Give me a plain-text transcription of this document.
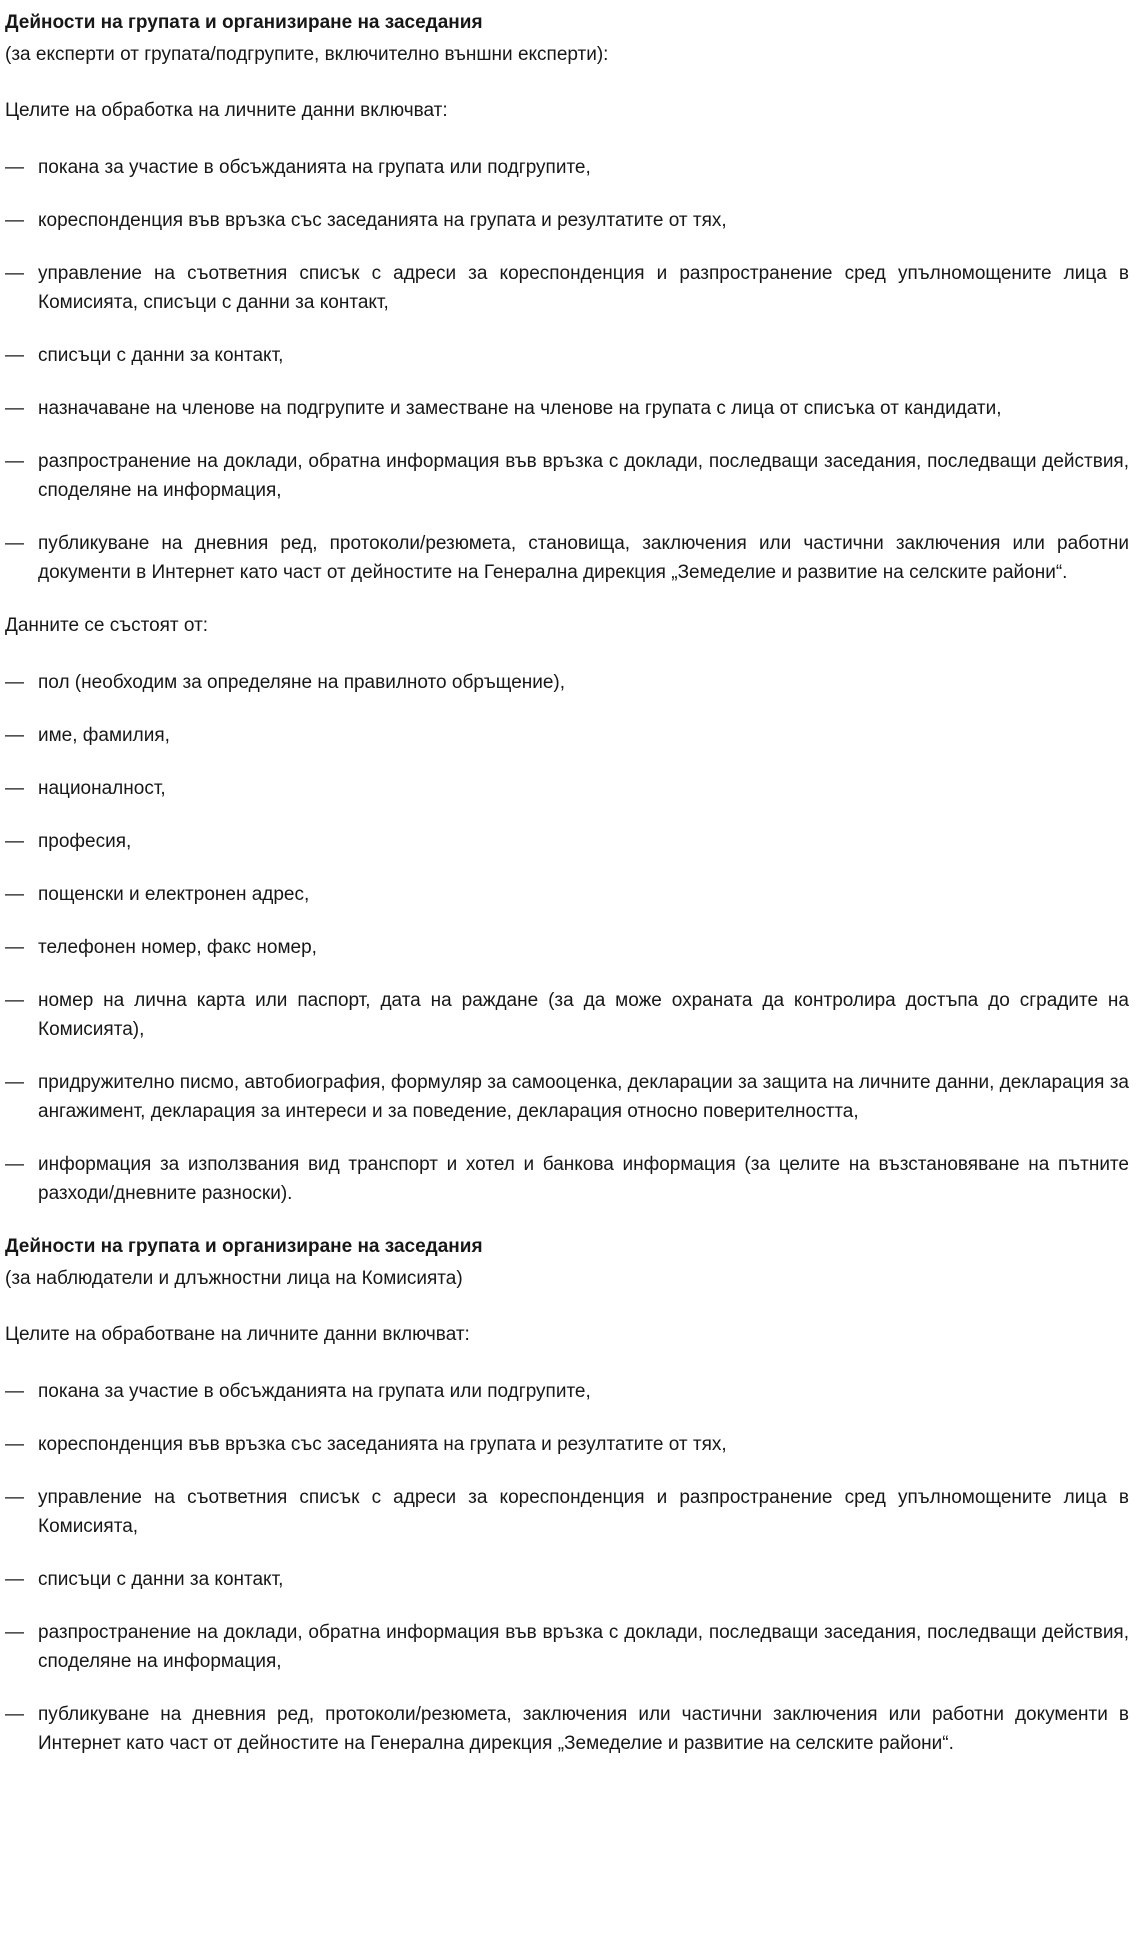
Дейности на групата и организиране на заседания

(за експерти от групата/подгрупите, включително външни експерти):

Целите на обработка на личните данни включват:

— покана за участие в обсъжданията на групата или подгрупите,
— кореспонденция във връзка със заседанията на групата и резултатите от тях,
— управление на съответния списък с адреси за кореспонденция и разпространение сред упълномощените лица в Комисията, списъци с данни за контакт,
— списъци с данни за контакт,
— назначаване на членове на подгрупите и заместване на членове на групата с лица от списъка от кандидати,
— разпространение на доклади, обратна информация във връзка с доклади, последващи заседания, последващи действия, споделяне на информация,
— публикуване на дневния ред, протоколи/резюмета, становища, заключения или частични заключения или работни документи в Интернет като част от дейностите на Генерална дирекция „Земеделие и развитие на селските райони“.

Данните се състоят от:

— пол (необходим за определяне на правилното обръщение),
— име, фамилия,
— националност,
— професия,
— пощенски и електронен адрес,
— телефонен номер, факс номер,
— номер на лична карта или паспорт, дата на раждане (за да може охраната да контролира достъпа до сградите на Комисията),
— придружително писмо, автобиография, формуляр за самооценка, декларации за защита на личните данни, декларация за ангажимент, декларация за интереси и за поведение, декларация относно поверителността,
— информация за използвания вид транспорт и хотел и банкова информация (за целите на възстановяване на пътните разходи/дневните разноски).
Дейности на групата и организиране на заседания

(за наблюдатели и длъжностни лица на Комисията)

Целите на обработване на личните данни включват:

— покана за участие в обсъжданията на групата или подгрупите,
— кореспонденция във връзка със заседанията на групата и резултатите от тях,
— управление на съответния списък с адреси за кореспонденция и разпространение сред упълномощените лица в Комисията,
— списъци с данни за контакт,
— разпространение на доклади, обратна информация във връзка с доклади, последващи заседания, последващи действия, споделяне на информация,
— публикуване на дневния ред, протоколи/резюмета, заключения или частични заключения или работни документи в Интернет като част от дейностите на Генерална дирекция „Земеделие и развитие на селските райони“.
